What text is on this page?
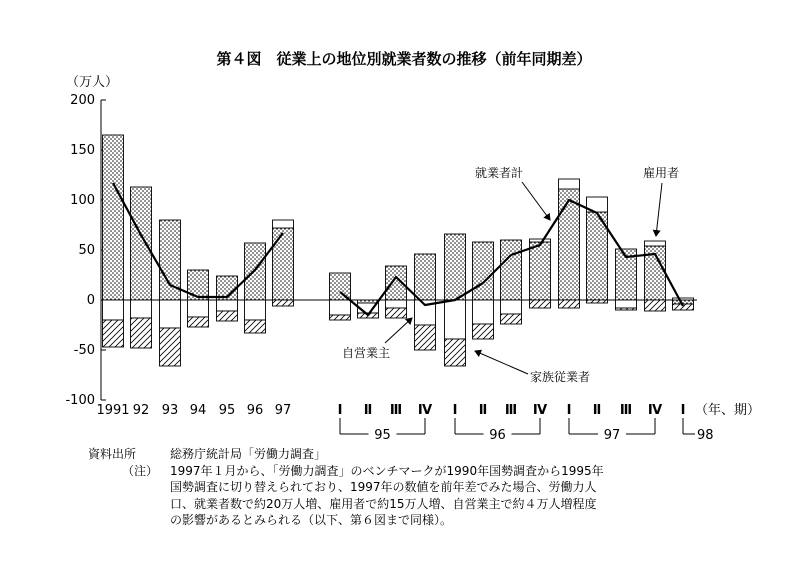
第４図　従業上の地位別就業者数の推移（前年同期差）
（万人）
（年、期）
-100
-50
0
50
100
150
200
1991 92 93 94 95 96 97	Ⅰ Ⅱ Ⅲ Ⅳ Ⅰ Ⅱ Ⅲ Ⅳ Ⅰ Ⅱ Ⅲ Ⅳ Ⅰ
95	96	97	98
就業者計	雇用者
自営業主
家族従業者
資料出所	総務庁統計局「労働力調査」
（注） 1997年１月から、「労働力調査」のベンチマークが1990年国勢調査から1995年
国勢調査に切り替えられており、1997年の数値を前年差でみた場合、労働力人
口、就業者数で約20万人増、雇用者で約15万人増、自営業主で約４万人増程度
の影響があるとみられる（以下、第６図まで同様）。
